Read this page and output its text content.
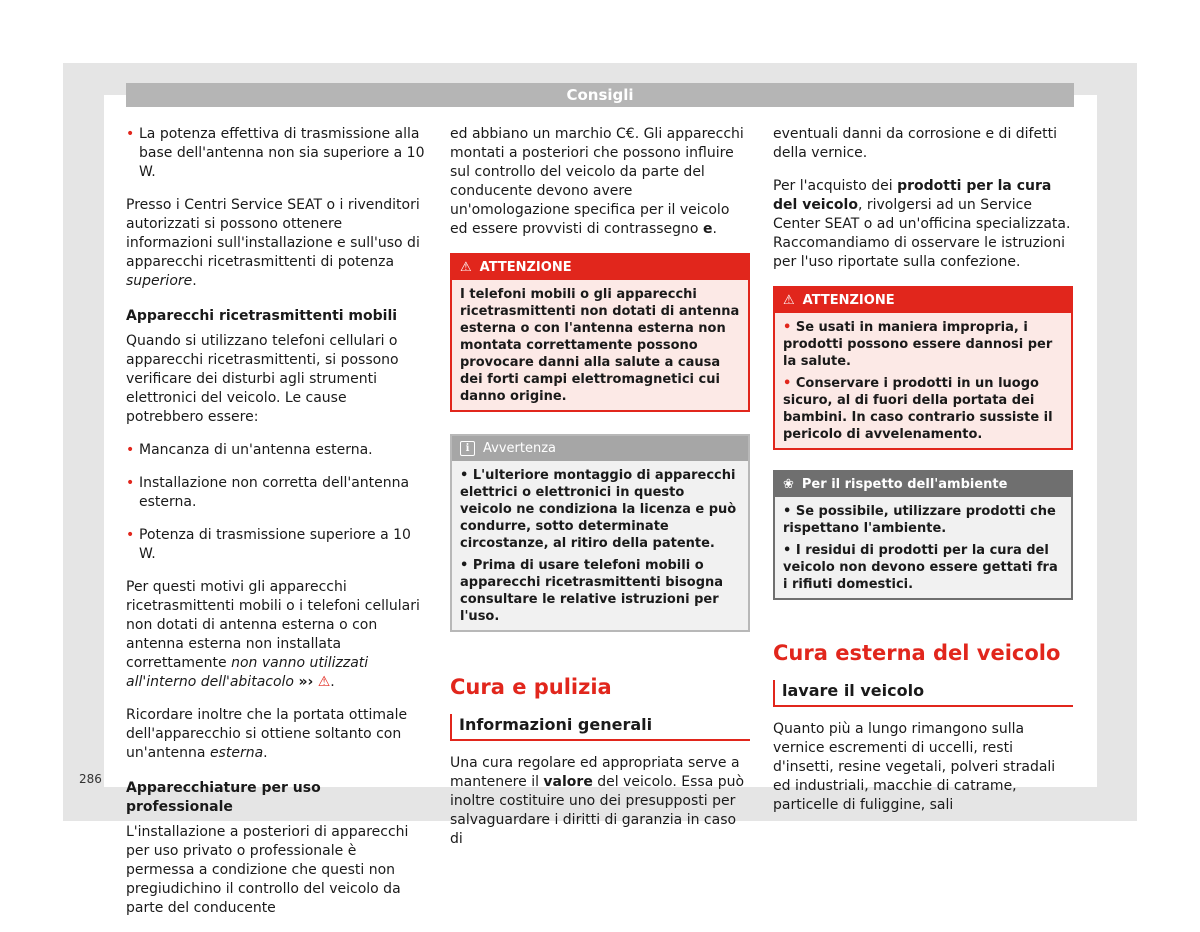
Consigli

• La potenza effettiva di trasmissione alla base dell'antenna non sia superiore a 10 W.

Presso i Centri Service SEAT o i rivenditori autorizzati si possono ottenere informazioni sull'installazione e sull'uso di apparecchi ricetrasmittenti di potenza superiore.

Apparecchi ricetrasmittenti mobili

Quando si utilizzano telefoni cellulari o apparecchi ricetrasmittenti, si possono verificare dei disturbi agli strumenti elettronici del veicolo. Le cause potrebbero essere:

• Mancanza di un'antenna esterna.

• Installazione non corretta dell'antenna esterna.

• Potenza di trasmissione superiore a 10 W.

Per questi motivi gli apparecchi ricetrasmittenti mobili o i telefoni cellulari non dotati di antenna esterna o con antenna esterna non installata correttamente non vanno utilizzati all'interno dell'abitacolo »› ⚠.

Ricordare inoltre che la portata ottimale dell'apparecchio si ottiene soltanto con un'antenna esterna.

Apparecchiature per uso professionale

L'installazione a posteriori di apparecchi per uso privato o professionale è permessa a condizione che questi non pregiudichino il controllo del veicolo da parte del conducente

ed abbiano un marchio C€. Gli apparecchi montati a posteriori che possono influire sul controllo del veicolo da parte del conducente devono avere un'omologazione specifica per il veicolo ed essere provvisti di contrassegno e.

⚠ ATTENZIONE
I telefoni mobili o gli apparecchi ricetrasmittenti non dotati di antenna esterna o con l'antenna esterna non montata correttamente possono provocare danni alla salute a causa dei forti campi elettromagnetici cui danno origine.
i	Avvertenza

• L'ulteriore montaggio di apparecchi elettrici o elettronici in questo veicolo ne condiziona la licenza e può condurre, sotto determinate circostanze, al ritiro della patente.

• Prima di usare telefoni mobili o apparecchi ricetrasmittenti bisogna consultare le relative istruzioni per l'uso.

Cura e pulizia
Informazioni generali

Una cura regolare ed appropriata serve a mantenere il valore del veicolo. Essa può inoltre costituire uno dei presupposti per salvaguardare i diritti di garanzia in caso di

eventuali danni da corrosione e di difetti della vernice.

Per l'acquisto dei prodotti per la cura del veicolo, rivolgersi ad un Service Center SEAT o ad un'officina specializzata. Raccomandiamo di osservare le istruzioni per l'uso riportate sulla confezione.

⚠ ATTENZIONE

• Se usati in maniera impropria, i prodotti possono essere dannosi per la salute.

• Conservare i prodotti in un luogo sicuro, al di fuori della portata dei bambini. In caso contrario sussiste il pericolo di avvelenamento.

❀ Per il rispetto dell'ambiente

• Se possibile, utilizzare prodotti che rispettano l'ambiente.

• I residui di prodotti per la cura del veicolo non devono essere gettati fra i rifiuti domestici.

Cura esterna del veicolo
lavare il veicolo

Quanto più a lungo rimangono sulla vernice escrementi di uccelli, resti d'insetti, resine vegetali, polveri stradali ed industriali, macchie di catrame, particelle di fuliggine, sali

286
